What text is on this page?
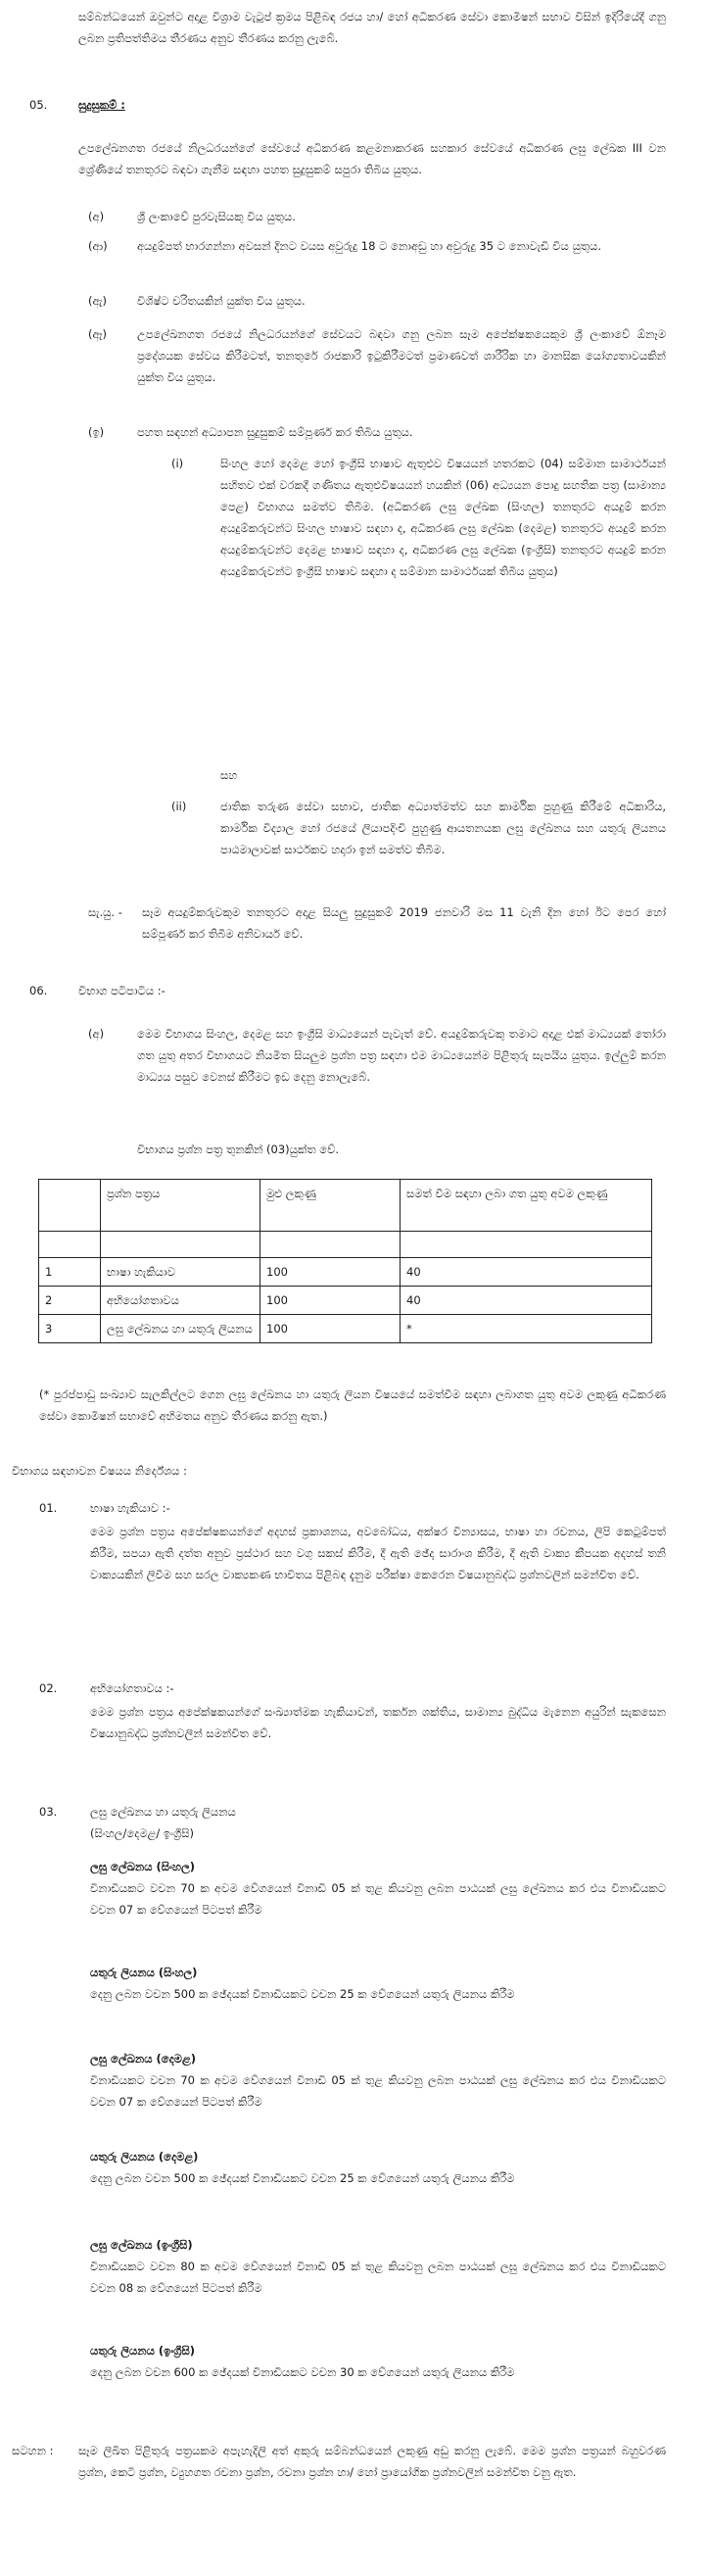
සම්බන්ධයෙන් ඔවුන්ට අදාළ විශ්‍රාම වැටුප් ක්‍රමය පිළිබඳ රජය හා/ හෝ අධිකරණ සේවා කොමිෂන් සභාව විසින් ඉදිරියේදී ගනු ලබන ප්‍රතිපත්තිමය තීරණය අනුව තීරණය කරනු ලැබේ.
05.	සුදුසුකම් :
උපලේඛනගත රජයේ නිලධරයන්ගේ සේවයේ අධිකරණ කළමනාකරණ සහකාර සේවයේ අධිකරණ ලඝු ලේඛක III වන ශ්‍රේණියේ තනතුරට බඳවා ගැනීම සඳහා පහත සුදුසුකම් සපුරා තිබිය යුතුය.
(අ)	ශ්‍රී ලංකාවේ පුරවැසියකු විය යුතුය.
(ආ)	අයදුම්පත් භාරගන්නා අවසන් දිනට වයස අවුරුදු 18 ට නොඅඩු හා අවුරුදු 35 ට නොවැඩි විය යුතුය.
(ඇ)	විශිෂ්ට චරිතයකින් යුක්ත විය යුතුය.
(ඈ)	උපලේඛනගත රජයේ නිලධරයන්ගේ සේවයට බඳවා ගනු ලබන සෑම අපේක්ෂකයෙකුම ශ්‍රී ලංකාවේ ඕනෑම ප්‍රදේශයක සේවය කිරීමටත්, තනතුරේ රාජකාරි ඉටුකිරීමටත් ප්‍රමාණවත් ශාරීරික හා මානසික යෝග්‍යතාවයකින් යුක්ත විය යුතුය.
(ඉ)	පහත සඳහන් අධ්‍යාපන සුදුසුකම් සම්පූර්ණ කර තිබිය යුතුය.
(i)	සිංහල හෝ දෙමළ හෝ ඉංග්‍රීසි භාෂාව ඇතුළුව විෂයයන් හතරකට (04) සම්මාන සාමාර්ථයන් සහිතව එක් වරකදී ගණිතය ඇතුළුවිෂයයන් හයකින් (06) අධ්‍යයන පොදු සහතික පත්‍ර (සාමාන්‍ය පෙළ) විභාගය සමත්ව තිබීම. (අධිකරණ ලඝු ලේඛක (සිංහල) තනතුරට අයදුම් කරන අයදුම්කරුවන්ට සිංහල භාෂාව සඳහා ද, අධිකරණ ලඝු ලේඛක (දෙමළ) තනතුරට අයදුම් කරන අයදුම්කරුවන්ට දෙමළ භාෂාව සඳහා ද, අධිකරණ ලඝු ලේඛක (ඉංග්‍රීසි) තනතුරට අයදුම් කරන අයදුම්කරුවන්ට ඉංග්‍රීසි භාෂාව සඳහා ද සම්මාන සාමාර්ථයක් තිබිය යුතුය)
සහ
(ii)	ජාතික තරුණ සේවා සභාව, ජාතික අධ්‍යාත්මත්ව සහ කාර්මික පුහුණු කිරීමේ අධිකාරිය, කාර්මික විද්‍යාල හෝ රජයේ ලියාපදිංචි පුහුණු ආයතනයක ලඝු ලේඛනය සහ යතුරු ලියනය පාඨමාලාවක් සාර්ථකව හදාරා ඉන් සමත්ව තිබීම.
සැ.යු. - සෑම අයදුම්කරුවකුම තනතුරට අදාළ සියලු සුදුසුකම් 2019 ජනවාරි මස 11 වැනි දින හෝ ඊට පෙර හෝ සම්පූර්ණ කර තිබීම අනිවාර්ය වේ.
06.	විභාග පටිපාටිය :-
(අ)	මෙම විභාගය සිංහල, දෙමළ සහ ඉංග්‍රීසි මාධ්‍යයෙන් පැවැත් වේ. අයදුම්කරුවකු තමාට අදාළ එක් මාධ්‍යයක් තෝරා ගත යුතු අතර විභාගයට නියමිත සියලුම ප්‍රශ්න පත්‍ර සඳහා එම මාධ්‍යයෙන්ම පිළිතුරු සැපයිය යුතුය. ඉල්ලුම් කරන මාධ්‍යය පසුව වෙනස් කිරීමට ඉඩ දෙනු නොලැබේ.
විභාගය ප්‍රශ්න පත්‍ර තුනකින් (03)යුක්ත වේ.
	ප්‍රශ්න පත්‍රය	මුළු ලකුණු	සමත් වීම සඳහා ලබා ගත යුතු අවම ලකුණු

1	භාෂා හැකියාව	100	40
2	අභියෝගතාවය	100	40
3	ලඝු ලේඛනය හා යතුරු ලියනය	100	*
(* පුරප්පාඩු සංඛ්‍යාව සැලකිල්ලට ගෙන ලඝු ලේඛනය හා යතුරු ලියන විෂයයේ සමත්වීම සඳහා ලබාගත යුතු අවම ලකුණු අධිකරණ සේවා කොමිෂන් සභාවේ අභිමතය අනුව තීරණය කරනු ඇත.)
විභාගය සඳහාවන විෂයය නිර්දේශය :
01.	භාෂා හැකියාව :-
මෙම ප්‍රශ්න පත්‍රය අපේක්ෂකයන්ගේ අදහස් ප්‍රකාශනය, අවබෝධය, අක්ෂර වින්‍යාසය, භාෂා හා රචනය, ලිපි කෙටුම්පත් කිරීම, සපයා ඇති දත්ත අනුව ප්‍රස්ථාර සහ වගු සකස් කිරීම, දී ඇති ඡේද සාරාංශ කිරීම, දී ඇති වාක්‍ය කීපයක අදහස් තනි වාක්‍යයකින් ලිවීම සහ සරල වාක්‍යකණ භාවිතය පිළිබඳ දැනුම පරීක්ෂා කෙරෙන විෂයානුබද්ධ ප්‍රශ්නවලින් සමන්විත වේ.
02.	අභියෝගතාවය :-
මෙම ප්‍රශ්න පත්‍රය අපේක්ෂකයන්ගේ සංඛ්‍යාත්මක හැකියාවන්, තර්කන ශක්තිය, සාමාන්‍ය බුද්ධිය මැනෙන අයුරින් සැකසෙන විෂයානුබද්ධ ප්‍රශ්නවලින් සමන්විත වේ.
03.	ලඝු ලේඛනය හා යතුරු ලියනය
(සිංහල/දෙමළ/ ඉංග්‍රීසි)
ලඝු ලේඛනය (සිංහල)
විනාඩියකට වචන 70 ක අවම වේගයෙන් විනාඩි 05 ක් තුළ කියවනු ලබන පාඨයක් ලඝු ලේඛනය කර එය විනාඩියකට වචන 07 ක වේගයෙන් පිටපත් කිරීම
යතුරු ලියනය (සිංහල)
දෙනු ලබන වචන 500 ක ඡේදයක් විනාඩියකට වචන 25 ක වේගයෙන් යතුරු ලියනය කිරීම
ලඝු ලේඛනය (දෙමළ)
විනාඩියකට වචන 70 ක අවම වේගයෙන් විනාඩි 05 ක් තුළ කියවනු ලබන පාඨයක් ලඝු ලේඛනය කර එය විනාඩියකට වචන 07 ක වේගයෙන් පිටපත් කිරීම
යතුරු ලියනය (දෙමළ)
දෙනු ලබන වචන 500 ක ඡේදයක් විනාඩියකට වචන 25 ක වේගයෙන් යතුරු ලියනය කිරීම
ලඝු ලේඛනය (ඉංග්‍රීසි)
විනාඩියකට වචන 80 ක අවම වේගයෙන් විනාඩි 05 ක් තුළ කියවනු ලබන පාඨයක් ලඝු ලේඛනය කර එය විනාඩියකට වචන 08 ක වේගයෙන් පිටපත් කිරීම
යතුරු ලියනය (ඉංග්‍රීසි)
දෙනු ලබන වචන 600 ක ඡේදයක් විනාඩියකට වචන 30 ක වේගයෙන් යතුරු ලියනය කිරීම
සටහන : සෑම ලිඛිත පිළිතුරු පත්‍රයකම අපැහැදිලි අත් අකුරු සම්බන්ධයෙන් ලකුණු අඩු කරනු ලැබේ. මෙම ප්‍රශ්න පත්‍රයන් බහුවරණ ප්‍රශ්න, කෙටි ප්‍රශ්න, ව්‍යුහගත රචනා ප්‍රශ්න, රචනා ප්‍රශ්න හා/ හෝ ප්‍රායෝගික ප්‍රශ්නවලින් සමන්විත වනු ඇත.
